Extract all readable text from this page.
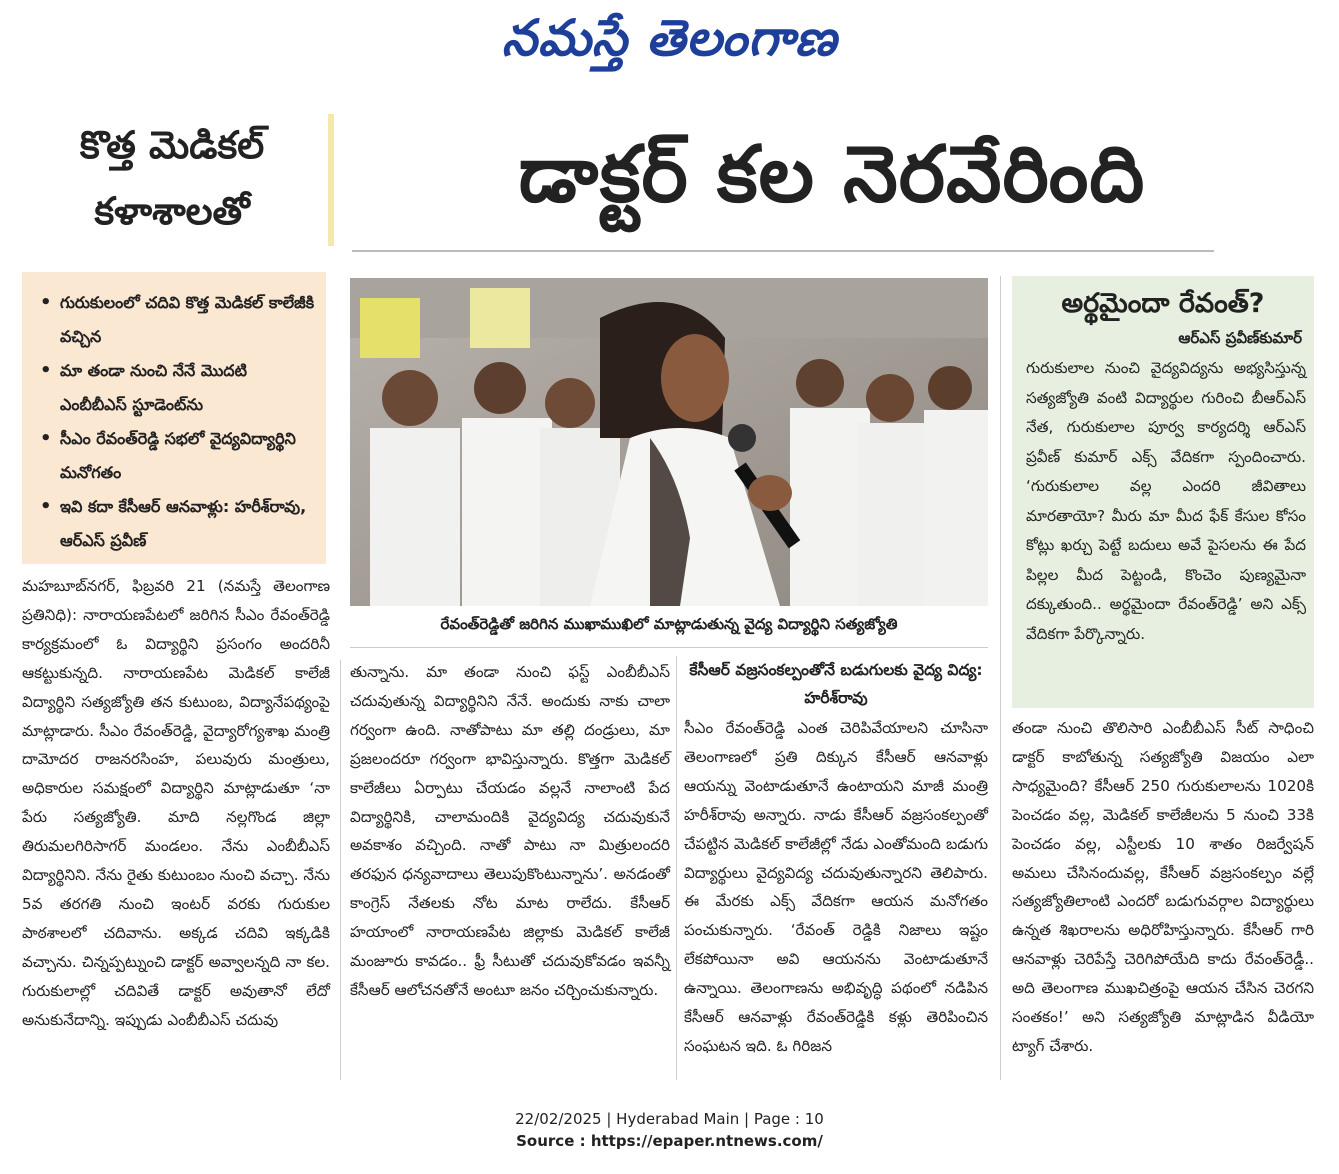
నమస్తే తెలంగాణ
కొత్త మెడికల్
కళాశాలతో	డాక్టర్ కల నెరవేరింది
• గురుకులంలో చదివి కొత్త మెడికల్ కాలేజీకి వచ్చిన
• మా తండా నుంచి నేనే మొదటి ఎంబీబీఎస్ స్టూడెంట్‌ను
• సీఎం రేవంత్‌రెడ్డి సభలో వైద్యవిద్యార్థిని మనోగతం
• ఇవి కదా కేసీఆర్ ఆనవాళ్లు: హరీశ్‌రావు, ఆర్‌ఎస్ ప్రవీణ్
రేవంత్‌రెడ్డితో జరిగిన ముఖాముఖిలో మాట్లాడుతున్న వైద్య విద్యార్థిని సత్యజ్యోతి
అర్థమైందా రేవంత్?
ఆర్‌ఎస్ ప్రవీణ్‌కుమార్

గురుకులాల నుంచి వైద్యవిద్యను అభ్యసిస్తున్న సత్యజ్యోతి వంటి విద్యార్థుల గురించి బీఆర్‌ఎస్ నేత, గురుకులాల పూర్వ కార్యదర్శి ఆర్‌ఎస్ ప్రవీణ్ కుమార్ ఎక్స్ వేదికగా స్పందించారు. ‘గురుకులాల వల్ల ఎందరి జీవితాలు మారతాయో? మీరు మా మీద ఫేక్ కేసుల కోసం కోట్లు ఖర్చు పెట్టే బదులు అవే పైసలను ఈ పేద పిల్లల మీద పెట్టండి, కొంచెం పుణ్యమైనా దక్కుతుంది.. అర్థమైందా రేవంత్‌రెడ్డి’ అని ఎక్స్ వేదికగా పేర్కొన్నారు.

మహబూబ్‌నగర్, ఫిబ్రవరి 21 (నమస్తే తెలంగాణ ప్రతినిధి): నారాయణపేటలో జరిగిన సీఎం రేవంత్‌రెడ్డి కార్యక్రమంలో ఓ విద్యార్థిని ప్రసంగం అందరినీ ఆకట్టుకున్నది. నారాయణపేట మెడికల్ కాలేజీ విద్యార్థిని సత్యజ్యోతి తన కుటుంబ, విద్యానేపథ్యంపై మాట్లాడారు. సీఎం రేవంత్‌రెడ్డి, వైద్యారోగ్యశాఖ మంత్రి దామోదర రాజనరసింహ, పలువురు మంత్రులు, అధికారుల సమక్షంలో విద్యార్థిని మాట్లాడుతూ ‘నా పేరు సత్యజ్యోతి. మాది నల్లగొండ జిల్లా తిరుమలగిరిసాగర్ మండలం. నేను ఎంబీబీఎస్ విద్యార్థినిని. నేను రైతు కుటుంబం నుంచి వచ్చా. నేను 5వ తరగతి నుంచి ఇంటర్ వరకు గురుకుల పాఠశాలలో చదివాను. అక్కడ చదివి ఇక్కడికి వచ్చాను. చిన్నప్పట్నుంచి డాక్టర్ అవ్వాలన్నది నా కల. గురుకులాల్లో చదివితే డాక్టర్ అవుతానో లేదో అనుకునేదాన్ని. ఇప్పుడు ఎంబీబీఎస్ చదువు

తున్నాను. మా తండా నుంచి ఫస్ట్ ఎంబీబీఎస్ చదువుతున్న విద్యార్థినిని నేనే. అందుకు నాకు చాలా గర్వంగా ఉంది. నాతోపాటు మా తల్లి దండ్రులు, మా ప్రజలందరూ గర్వంగా భావిస్తున్నారు. కొత్తగా మెడికల్ కాలేజీలు ఏర్పాటు చేయడం వల్లనే నాలాంటి పేద విద్యార్థినికి, చాలామందికి వైద్యవిద్య చదువుకునే అవకాశం వచ్చింది. నాతో పాటు నా మిత్రులందరి తరఫున ధన్యవాదాలు తెలుపుకొంటున్నాను’. అనడంతో కాంగ్రెస్ నేతలకు నోట మాట రాలేదు. కేసీఆర్ హయాంలో నారాయణపేట జిల్లాకు మెడికల్ కాలేజీ మంజూరు కావడం.. ఫ్రీ సీటుతో చదువుకోవడం ఇవన్నీ కేసీఆర్ ఆలోచనతోనే అంటూ జనం చర్చించుకున్నారు.

కేసీఆర్ వజ్రసంకల్పంతోనే బడుగులకు వైద్య విద్య: హరీశ్‌రావు

సీఎం రేవంత్‌రెడ్డి ఎంత చెరిపివేయాలని చూసినా తెలంగాణలో ప్రతి దిక్కున కేసీఆర్ ఆనవాళ్లు ఆయన్ను వెంటాడుతూనే ఉంటాయని మాజీ మంత్రి హరీశ్‌రావు అన్నారు. నాడు కేసీఆర్ వజ్రసంకల్పంతో చేపట్టిన మెడికల్ కాలేజీల్లో నేడు ఎంతోమంది బడుగు విద్యార్థులు వైద్యవిద్య చదువుతున్నారని తెలిపారు. ఈ మేరకు ఎక్స్ వేదికగా ఆయన మనోగతం పంచుకున్నారు. ‘రేవంత్ రెడ్డికి నిజాలు ఇష్టం లేకపోయినా అవి ఆయనను వెంటాడుతూనే ఉన్నాయి. తెలంగాణను అభివృద్ధి పథంలో నడిపిన కేసీఆర్ ఆనవాళ్లు రేవంత్‌రెడ్డికి కళ్లు తెరిపించిన సంఘటన ఇది. ఓ గిరిజన

తండా నుంచి తొలిసారి ఎంబీబీఎస్ సీట్ సాధించి డాక్టర్ కాబోతున్న సత్యజ్యోతి విజయం ఎలా సాధ్యమైంది? కేసీఆర్ 250 గురుకులాలను 1020కి పెంచడం వల్ల, మెడికల్ కాలేజీలను 5 నుంచి 33కి పెంచడం వల్ల, ఎస్టీలకు 10 శాతం రిజర్వేషన్ అమలు చేసినందువల్ల, కేసీఆర్ వజ్రసంకల్పం వల్లే సత్యజ్యోతిలాంటి ఎందరో బడుగువర్గాల విద్యార్థులు ఉన్నత శిఖరాలను అధిరోహిస్తున్నారు. కేసీఆర్ గారి ఆనవాళ్లు చెరిపేస్తే చెరిగిపోయేది కాదు రేవంత్‌రెడ్డీ.. అది తెలంగాణ ముఖచిత్రంపై ఆయన చేసిన చెరగని సంతకం!’ అని సత్యజ్యోతి మాట్లాడిన వీడియో ట్యాగ్ చేశారు.

22/02/2025 | Hyderabad Main | Page : 10
Source : https://epaper.ntnews.com/
